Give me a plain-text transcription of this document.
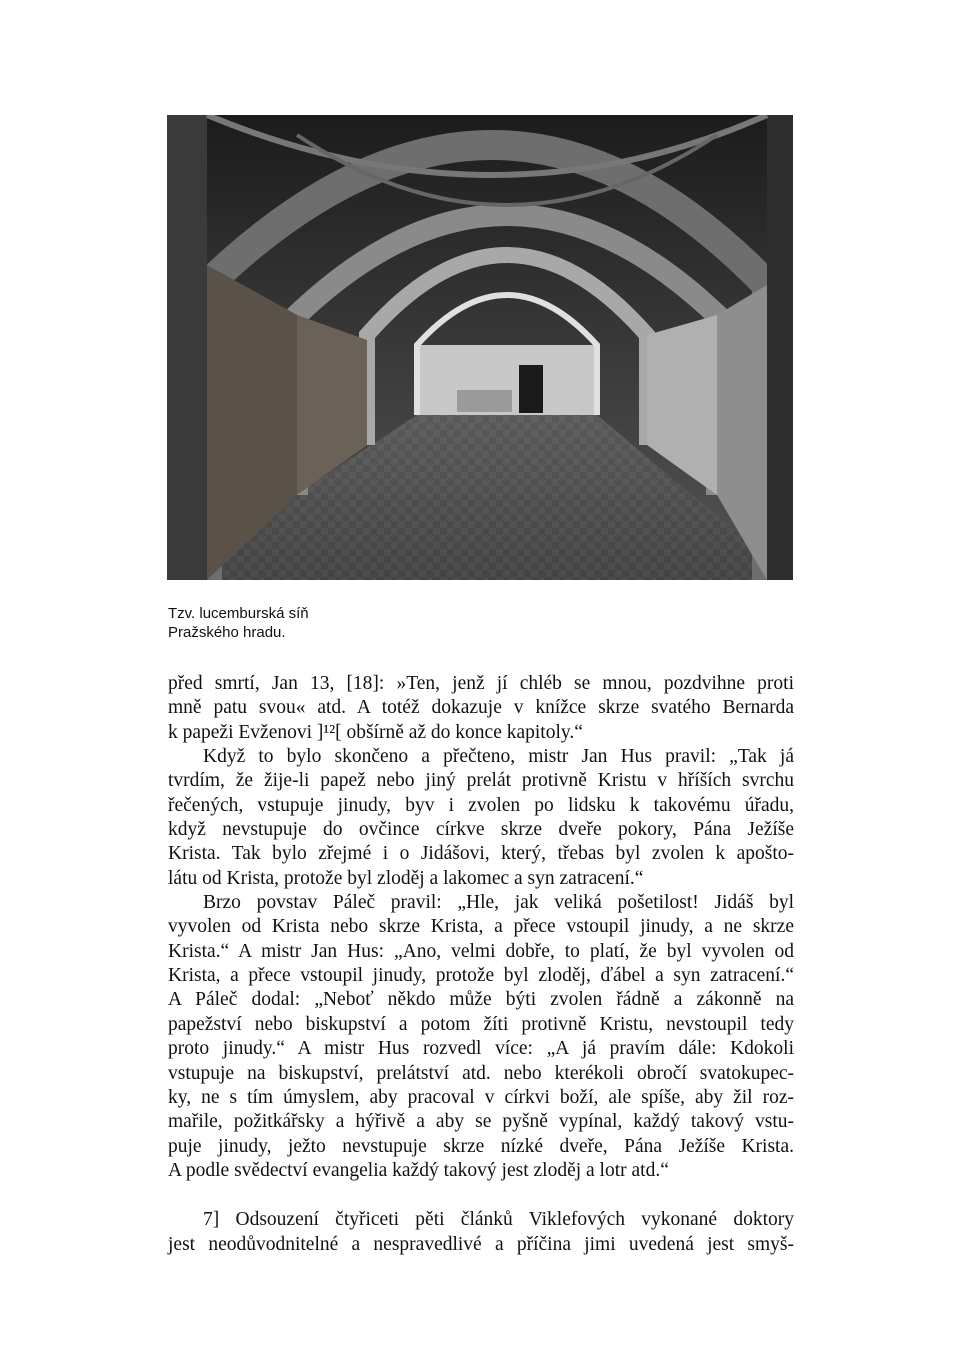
Tzv. lucemburská síň
Pražského hradu.
před smrtí, Jan 13, [18]: »Ten, jenž jí chléb se mnou, pozdvihne proti
mně patu svou« atd. A totéž dokazuje v knížce skrze svatého Bernarda
k papeži Evženovi ]¹²[ obšírně až do konce kapitoly.“
Když to bylo skončeno a přečteno, mistr Jan Hus pravil: „Tak já
tvrdím, že žije-li papež nebo jiný prelát protivně Kristu v hříších svrchu
řečených, vstupuje jinudy, byv i zvolen po lidsku k takovému úřadu,
když nevstupuje do ovčince církve skrze dveře pokory, Pána Ježíše
Krista. Tak bylo zřejmé i o Jidášovi, který, třebas byl zvolen k apošto-
látu od Krista, protože byl zloděj a lakomec a syn zatracení.“
Brzo povstav Páleč pravil: „Hle, jak veliká pošetilost! Jidáš byl
vyvolen od Krista nebo skrze Krista, a přece vstoupil jinudy, a ne skrze
Krista.“ A mistr Jan Hus: „Ano, velmi dobře, to platí, že byl vyvolen od
Krista, a přece vstoupil jinudy, protože byl zloděj, ďábel a syn zatracení.“
A Páleč dodal: „Neboť někdo může býti zvolen řádně a zákonně na
papežství nebo biskupství a potom žíti protivně Kristu, nevstoupil tedy
proto jinudy.“ A mistr Hus rozvedl více: „A já pravím dále: Kdokoli
vstupuje na biskupství, prelátství atd. nebo kterékoli obročí svatokupec-
ky, ne s tím úmyslem, aby pracoval v církvi boží, ale spíše, aby žil roz-
mařile, požitkářsky a hýřivě a aby se pyšně vypínal, každý takový vstu-
puje jinudy, ježto nevstupuje skrze nízké dveře, Pána Ježíše Krista.
A podle svědectví evangelia každý takový jest zloděj a lotr atd.“
7] Odsouzení čtyřiceti pěti článků Viklefových vykonané doktory
jest neodůvodnitelné a nespravedlivé a příčina jimi uvedená jest smyš-
